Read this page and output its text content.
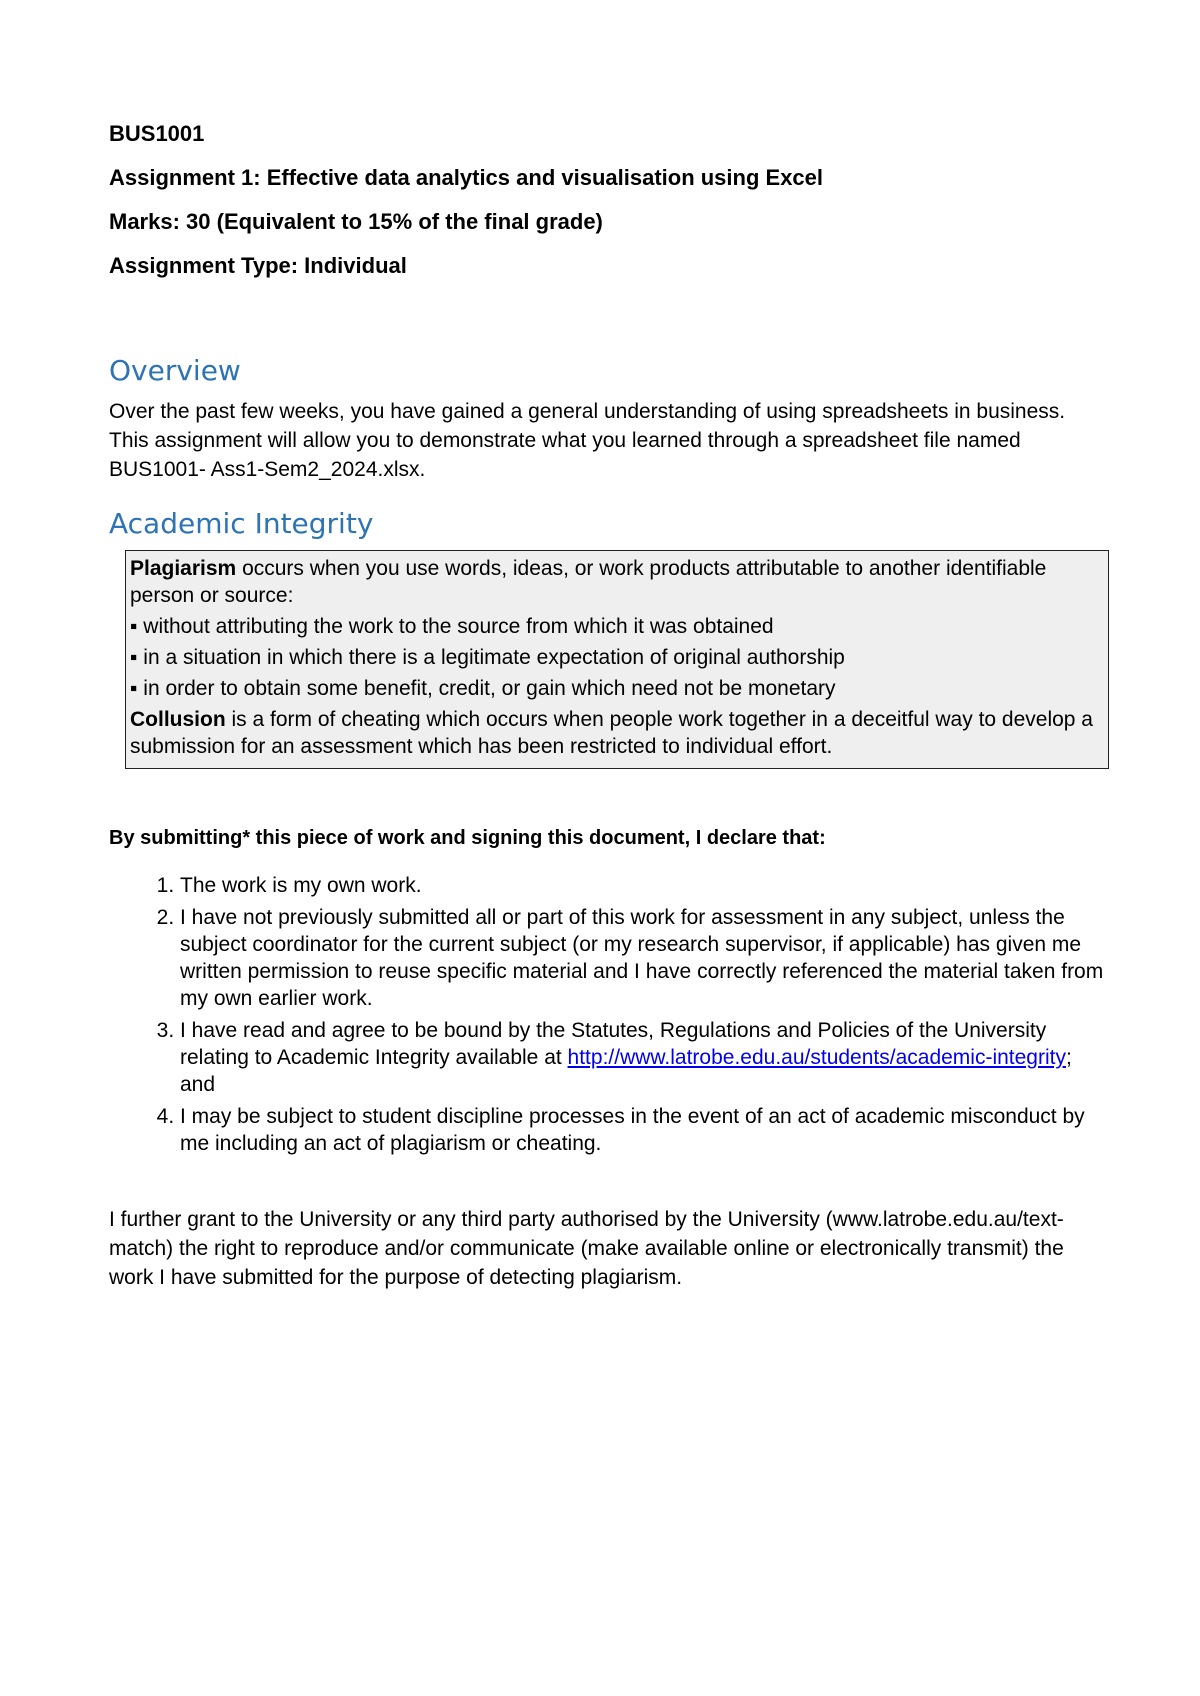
BUS1001

Assignment 1: Effective data analytics and visualisation using Excel

Marks: 30 (Equivalent to 15% of the final grade)

Assignment Type: Individual

Overview

Over the past few weeks, you have gained a general understanding of using spreadsheets in business. This assignment will allow you to demonstrate what you learned through a spreadsheet file named BUS1001- Ass1-Sem2_2024.xlsx.

Academic Integrity

Plagiarism occurs when you use words, ideas, or work products attributable to another identifiable person or source:

▪ without attributing the work to the source from which it was obtained

▪ in a situation in which there is a legitimate expectation of original authorship

▪ in order to obtain some benefit, credit, or gain which need not be monetary

Collusion is a form of cheating which occurs when people work together in a deceitful way to develop a submission for an assessment which has been restricted to individual effort.

By submitting* this piece of work and signing this document, I declare that:

1. The work is my own work.
2. I have not previously submitted all or part of this work for assessment in any subject, unless the subject coordinator for the current subject (or my research supervisor, if applicable) has given me written permission to reuse specific material and I have correctly referenced the material taken from my own earlier work.
3. I have read and agree to be bound by the Statutes, Regulations and Policies of the University relating to Academic Integrity available at http://www.latrobe.edu.au/students/academic-integrity; and
4. I may be subject to student discipline processes in the event of an act of academic misconduct by me including an act of plagiarism or cheating.

I further grant to the University or any third party authorised by the University (www.latrobe.edu.au/text-match) the right to reproduce and/or communicate (make available online or electronically transmit) the work I have submitted for the purpose of detecting plagiarism.
